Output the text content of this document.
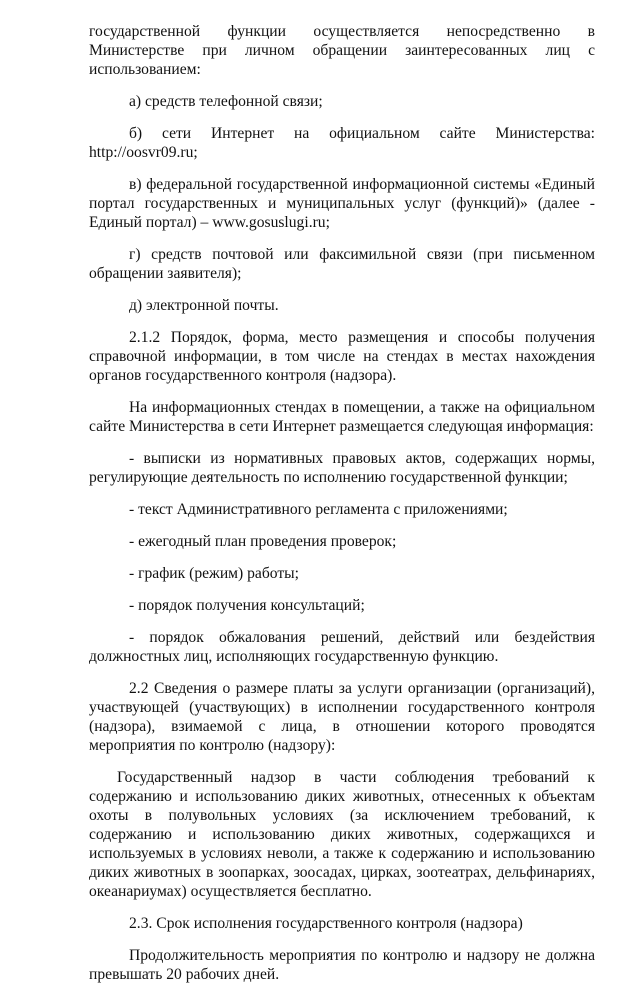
государственной функции осуществляется непосредственно в Министерстве при личном обращении заинтересованных лиц с использованием:

а) средств телефонной связи;

б) сети Интернет на официальном сайте Министерства: http://oosvr09.ru;

в) федеральной государственной информационной системы «Единый портал государственных и муниципальных услуг (функций)» (далее - Единый портал) – www.gosuslugi.ru;

г) средств почтовой или факсимильной связи (при письменном обращении заявителя);

д) электронной почты.

2.1.2 Порядок, форма, место размещения и способы получения справочной информации, в том числе на стендах в местах нахождения органов государственного контроля (надзора).

На информационных стендах в помещении, а также на официальном сайте Министерства в сети Интернет размещается следующая информация:

- выписки из нормативных правовых актов, содержащих нормы, регулирующие деятельность по исполнению государственной функции;

- текст Административного регламента с приложениями;

- ежегодный план проведения проверок;

- график (режим) работы;

- порядок получения консультаций;

- порядок обжалования решений, действий или бездействия должностных лиц, исполняющих государственную функцию.

2.2 Сведения о размере платы за услуги организации (организаций), участвующей (участвующих) в исполнении государственного контроля (надзора), взимаемой с лица, в отношении которого проводятся мероприятия по контролю (надзору):

Государственный надзор в части соблюдения требований к содержанию и использованию диких животных, отнесенных к объектам охоты в полувольных условиях (за исключением требований, к содержанию и использованию диких животных, содержащихся и используемых в условиях неволи, а также к содержанию и использованию диких животных в зоопарках, зоосадах, цирках, зоотеатрах, дельфинариях, океанариумах) осуществляется бесплатно.

2.3. Срок исполнения государственного контроля (надзора)

Продолжительность мероприятия по контролю и надзору не должна превышать 20 рабочих дней.
